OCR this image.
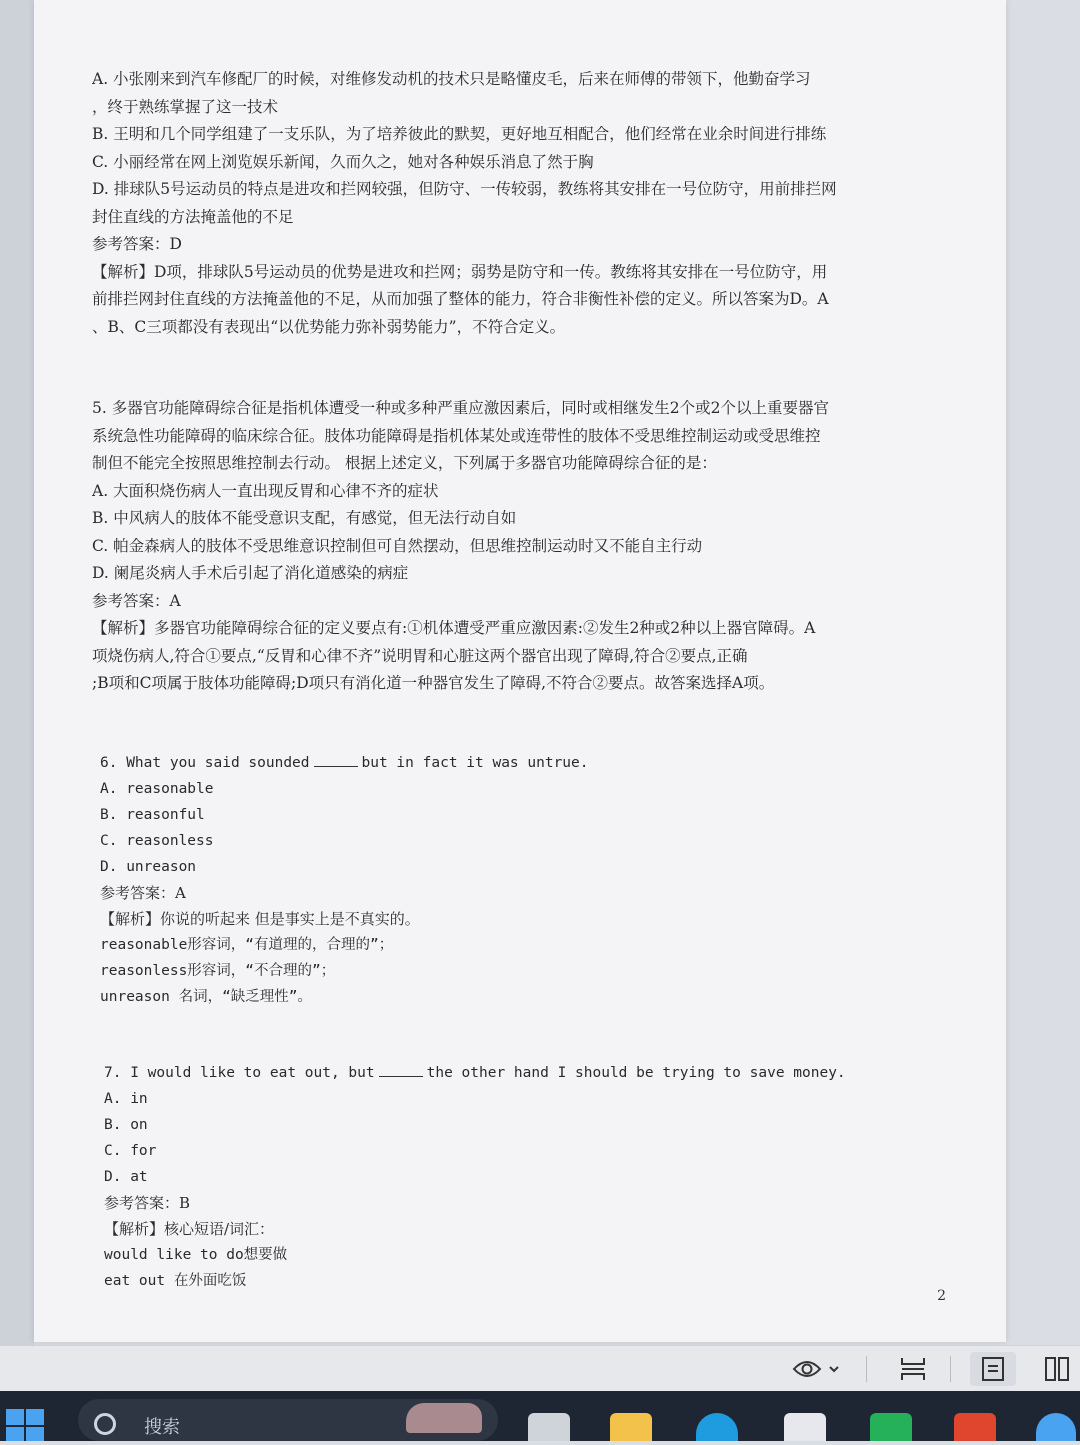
A. 小张刚来到汽车修配厂的时候，对维修发动机的技术只是略懂皮毛，后来在师傅的带领下，他勤奋学习
，终于熟练掌握了这一技术
B. 王明和几个同学组建了一支乐队，为了培养彼此的默契，更好地互相配合，他们经常在业余时间进行排练
C. 小丽经常在网上浏览娱乐新闻，久而久之，她对各种娱乐消息了然于胸
D. 排球队5号运动员的特点是进攻和拦网较强，但防守、一传较弱，教练将其安排在一号位防守，用前排拦网
封住直线的方法掩盖他的不足
参考答案：D
【解析】D项，排球队5号运动员的优势是进攻和拦网；弱势是防守和一传。教练将其安排在一号位防守，用
前排拦网封住直线的方法掩盖他的不足，从而加强了整体的能力，符合非衡性补偿的定义。所以答案为D。A
、B、C三项都没有表现出“以优势能力弥补弱势能力”，不符合定义。
5. 多器官功能障碍综合征是指机体遭受一种或多种严重应激因素后，同时或相继发生2个或2个以上重要器官
系统急性功能障碍的临床综合征。肢体功能障碍是指机体某处或连带性的肢体不受思维控制运动或受思维控
制但不能完全按照思维控制去行动。 根据上述定义，下列属于多器官功能障碍综合征的是：
A. 大面积烧伤病人一直出现反胃和心律不齐的症状
B. 中风病人的肢体不能受意识支配，有感觉，但无法行动自如
C. 帕金森病人的肢体不受思维意识控制但可自然摆动，但思维控制运动时又不能自主行动
D. 阑尾炎病人手术后引起了消化道感染的病症
参考答案：A
【解析】多器官功能障碍综合征的定义要点有:①机体遭受严重应激因素:②发生2种或2种以上器官障碍。A
项烧伤病人,符合①要点,“反胃和心律不齐”说明胃和心脏这两个器官出现了障碍,符合②要点,正确
;B项和C项属于肢体功能障碍;D项只有消化道一种器官发生了障碍,不符合②要点。故答案选择A项。
6. What you said sounded	but in fact it was untrue.
A. reasonable
B. reasonful
C. reasonless
D. unreason
参考答案：A
【解析】你说的听起来 但是事实上是不真实的。
reasonable形容词，“有道理的，合理的”；
reasonless形容词，“不合理的”；
unreason 名词，“缺乏理性”。
7. I would like to eat out, but	the other hand I should be trying to save money.
A. in
B. on
C. for
D. at
参考答案：B
【解析】核心短语/词汇：
would like to do想要做
eat out 在外面吃饭
2
搜索
